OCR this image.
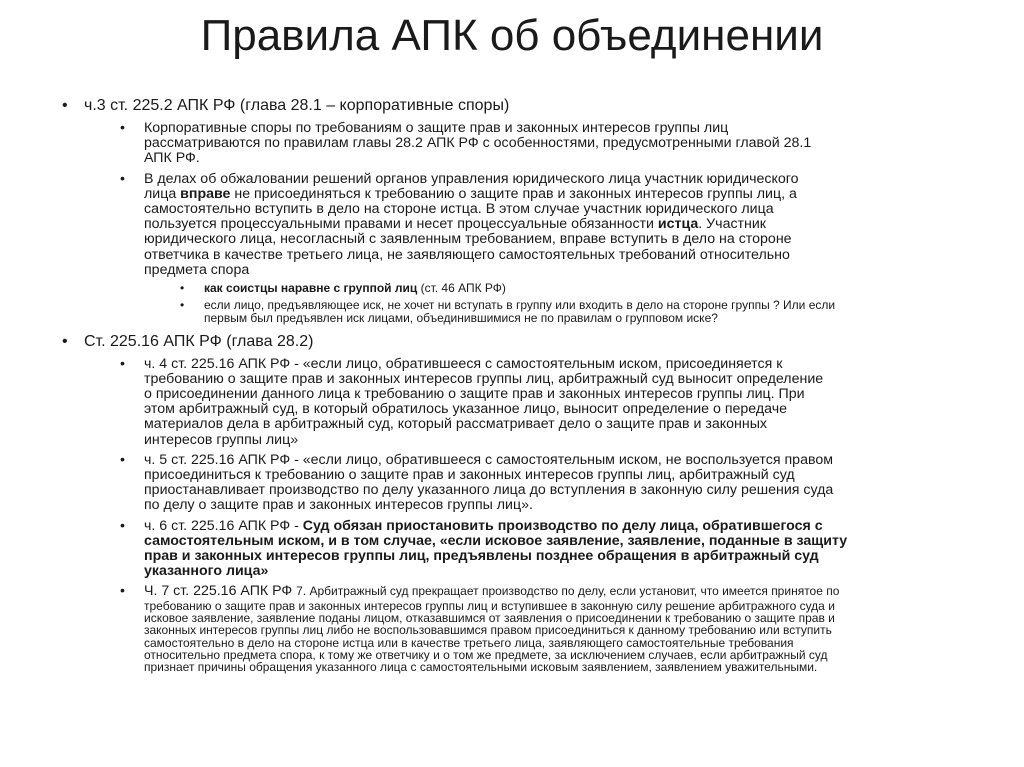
Правила АПК об объединении
• ч.3 ст. 225.2 АПК РФ (глава 28.1 – корпоративные споры)
• Корпоративные споры по требованиям о защите прав и законных интересов группы лиц
рассматриваются по правилам главы 28.2 АПК РФ с особенностями, предусмотренными главой 28.1
АПК РФ.
• В делах об обжаловании решений органов управления юридического лица участник юридического
лица вправе не присоединяться к требованию о защите прав и законных интересов группы лиц, а
самостоятельно вступить в дело на стороне истца. В этом случае участник юридического лица
пользуется процессуальными правами и несет процессуальные обязанности истца. Участник
юридического лица, несогласный с заявленным требованием, вправе вступить в дело на стороне
ответчика в качестве третьего лица, не заявляющего самостоятельных требований относительно
предмета спора
• как соистцы наравне с группой лиц (ст. 46 АПК РФ)
• если лицо, предъявляющее иск, не хочет ни вступать в группу или входить в дело на стороне группы ? Или если
первым был предъявлен иск лицами, объединившимися не по правилам о групповом иске?
• Ст. 225.16 АПК РФ (глава 28.2)
• ч. 4 ст. 225.16 АПК РФ - «если лицо, обратившееся с самостоятельным иском, присоединяется к
требованию о защите прав и законных интересов группы лиц, арбитражный суд выносит определение
о присоединении данного лица к требованию о защите прав и законных интересов группы лиц. При
этом арбитражный суд, в который обратилось указанное лицо, выносит определение о передаче
материалов дела в арбитражный суд, который рассматривает дело о защите прав и законных
интересов группы лиц»
• ч. 5 ст. 225.16 АПК РФ - «если лицо, обратившееся с самостоятельным иском, не воспользуется правом
присоединиться к требованию о защите прав и законных интересов группы лиц, арбитражный суд
приостанавливает производство по делу указанного лица до вступления в законную силу решения суда
по делу о защите прав и законных интересов группы лиц».
• ч. 6 ст. 225.16 АПК РФ - Суд обязан приостановить производство по делу лица, обратившегося с
самостоятельным иском, и в том случае, «если исковое заявление, заявление, поданные в защиту
прав и законных интересов группы лиц, предъявлены позднее обращения в арбитражный суд
указанного лица»
• Ч. 7 ст. 225.16 АПК РФ 7. Арбитражный суд прекращает производство по делу, если установит, что имеется принятое по
требованию о защите прав и законных интересов группы лиц и вступившее в законную силу решение арбитражного суда и
исковое заявление, заявление поданы лицом, отказавшимся от заявления о присоединении к требованию о защите прав и
законных интересов группы лиц либо не воспользовавшимся правом присоединиться к данному требованию или вступить
самостоятельно в дело на стороне истца или в качестве третьего лица, заявляющего самостоятельные требования
относительно предмета спора, к тому же ответчику и о том же предмете, за исключением случаев, если арбитражный суд
признает причины обращения указанного лица с самостоятельными исковым заявлением, заявлением уважительными.
